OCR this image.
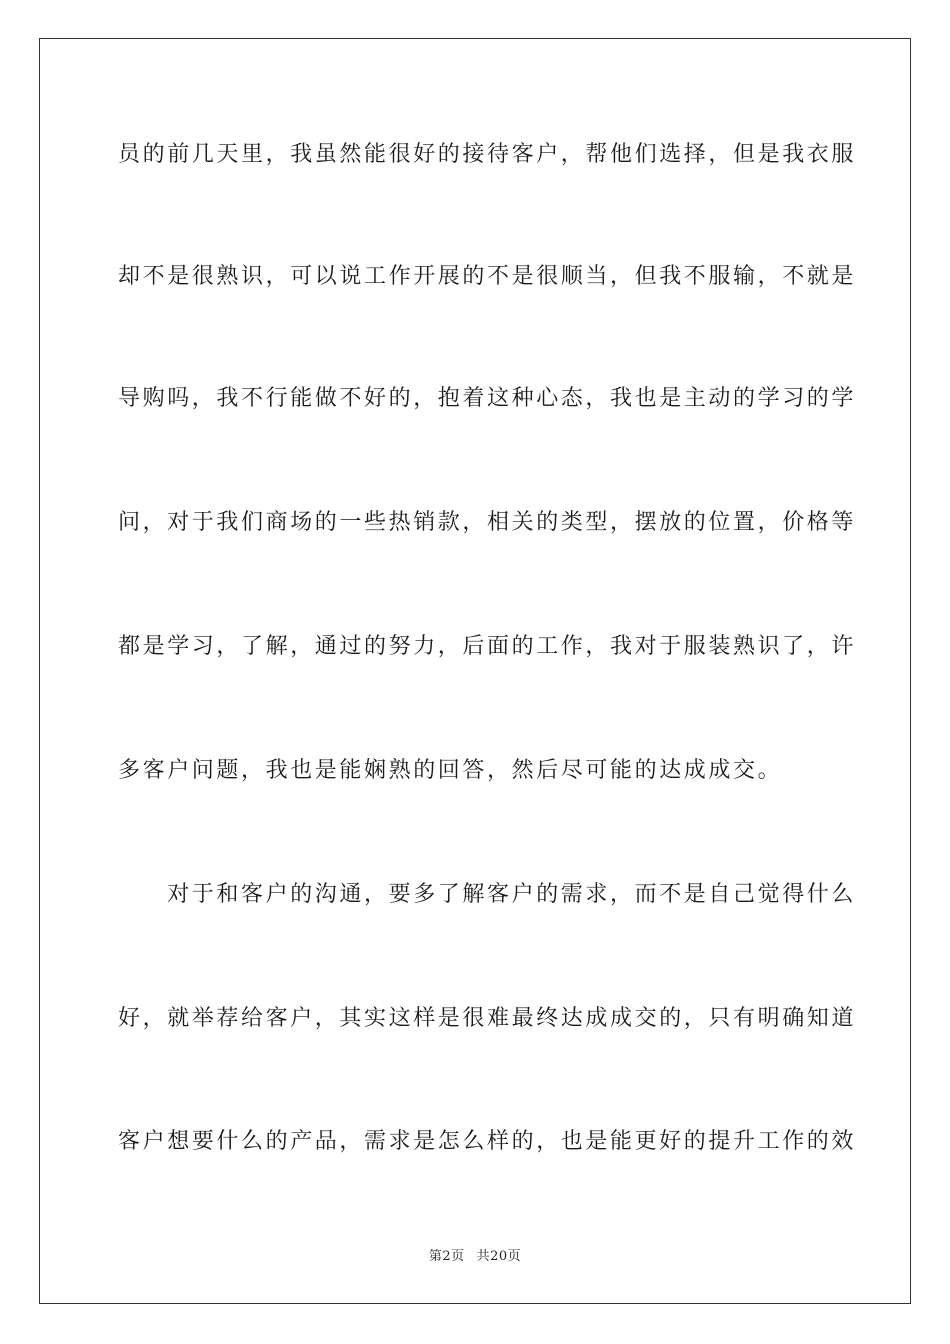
员的前几天里，我虽然能很好的接待客户，帮他们选择，但是我衣服
却不是很熟识，可以说工作开展的不是很顺当，但我不服输，不就是
导购吗，我不行能做不好的，抱着这种心态，我也是主动的学习的学
问，对于我们商场的一些热销款，相关的类型，摆放的位置，价格等
都是学习，了解，通过的努力，后面的工作，我对于服装熟识了，许
多客户问题，我也是能娴熟的回答，然后尽可能的达成成交。
　　对于和客户的沟通，要多了解客户的需求，而不是自己觉得什么
好，就举荐给客户，其实这样是很难最终达成成交的，只有明确知道
客户想要什么的产品，需求是怎么样的，也是能更好的提升工作的效
第2页 共20页
